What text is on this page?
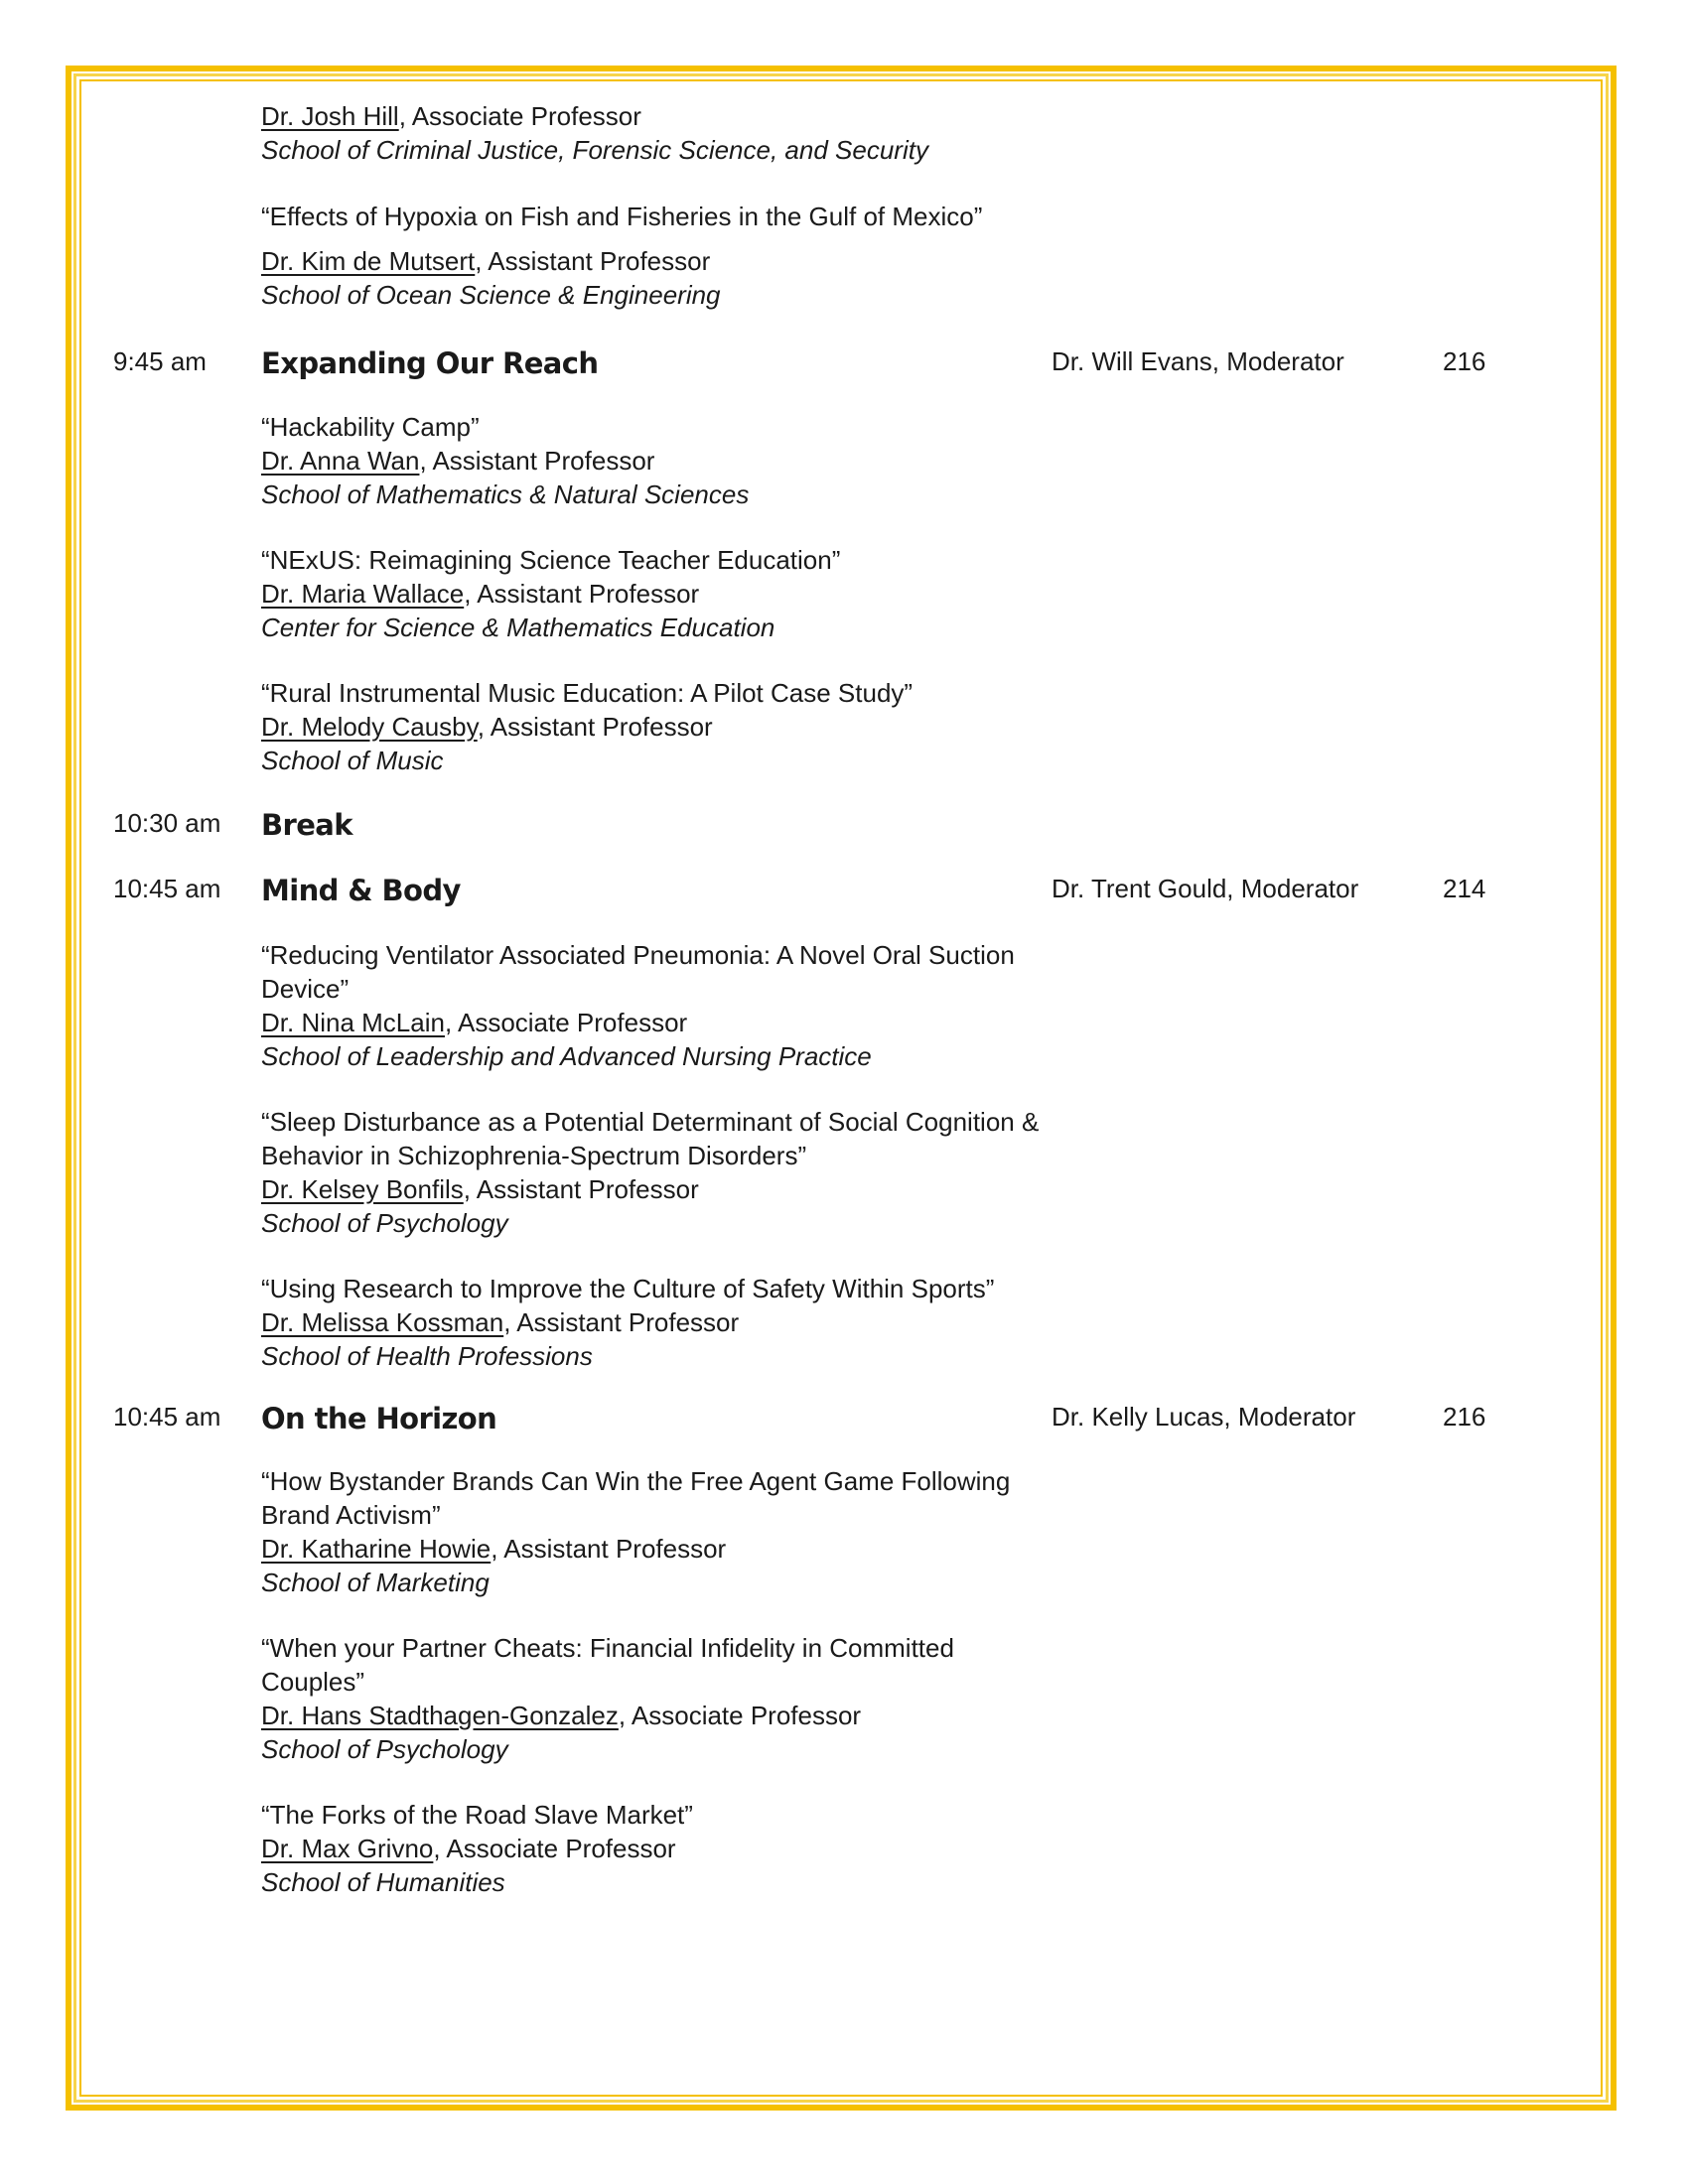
Dr. Josh Hill, Associate Professor
School of Criminal Justice, Forensic Science, and Security
“Effects of Hypoxia on Fish and Fisheries in the Gulf of Mexico”
Dr. Kim de Mutsert, Assistant Professor
School of Ocean Science & Engineering
9:45 am Expanding Our Reach	Dr. Will Evans, Moderator	216
“Hackability Camp”
Dr. Anna Wan, Assistant Professor
School of Mathematics & Natural Sciences
“NExUS: Reimagining Science Teacher Education”
Dr. Maria Wallace, Assistant Professor
Center for Science & Mathematics Education
“Rural Instrumental Music Education: A Pilot Case Study”
Dr. Melody Causby, Assistant Professor
School of Music
10:30 am Break
10:45 am Mind & Body	Dr. Trent Gould, Moderator	214
“Reducing Ventilator Associated Pneumonia: A Novel Oral Suction
Device”
Dr. Nina McLain, Associate Professor
School of Leadership and Advanced Nursing Practice
“Sleep Disturbance as a Potential Determinant of Social Cognition &
Behavior in Schizophrenia-Spectrum Disorders”
Dr. Kelsey Bonfils, Assistant Professor
School of Psychology
“Using Research to Improve the Culture of Safety Within Sports”
Dr. Melissa Kossman, Assistant Professor
School of Health Professions
10:45 am On the Horizon	Dr. Kelly Lucas, Moderator	216
“How Bystander Brands Can Win the Free Agent Game Following
Brand Activism”
Dr. Katharine Howie, Assistant Professor
School of Marketing
“When your Partner Cheats: Financial Infidelity in Committed
Couples”
Dr. Hans Stadthagen-Gonzalez, Associate Professor
School of Psychology
“The Forks of the Road Slave Market”
Dr. Max Grivno, Associate Professor
School of Humanities
